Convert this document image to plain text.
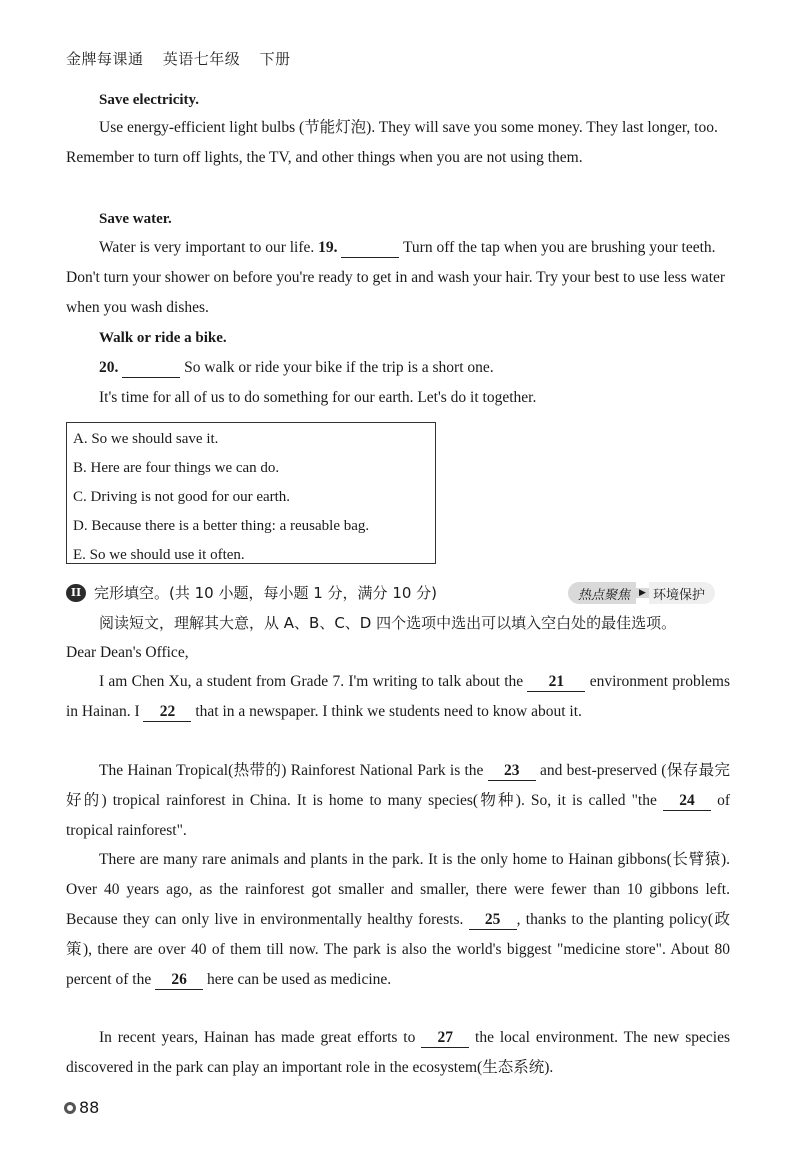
金牌每课通 英语七年级 下册
Save electricity.
Use energy-efficient light bulbs (节能灯泡). They will save you some money. They last longer, too. Remember to turn off lights, the TV, and other things when you are not using them.
Save water.
Water is very important to our life. 19.	Turn off the tap when you are brushing your teeth. Don't turn your shower on before you're ready to get in and wash your hair. Try your best to use less water when you wash dishes.
Walk or ride a bike.
20.	So walk or ride your bike if the trip is a short one.
It's time for all of us to do something for our earth. Let's do it together.
A. So we should save it.
B. Here are four things we can do.
C. Driving is not good for our earth.
D. Because there is a better thing: a reusable bag.
E. So we should use it often.
II 完形填空。(共 10 小题，每小题 1 分，满分 10 分)	热点聚焦	▶ 环境保护
阅读短文，理解其大意，从 A、B、C、D 四个选项中选出可以填入空白处的最佳选项。
Dear Dean's Office,
I am Chen Xu, a student from Grade 7. I'm writing to talk about the 21 environment problems in Hainan. I 22 that in a newspaper. I think we students need to know about it.
The Hainan Tropical(热带的) Rainforest National Park is the 23 and best-preserved (保存最完好的) tropical rainforest in China. It is home to many species(物种). So, it is called "the 24 of tropical rainforest".
There are many rare animals and plants in the park. It is the only home to Hainan gibbons(长臂猿). Over 40 years ago, as the rainforest got smaller and smaller, there were fewer than 10 gibbons left. Because they can only live in environmentally healthy forests. 25 , thanks to the planting policy(政策), there are over 40 of them till now. The park is also the world's biggest "medicine store". About 80 percent of the 26 here can be used as medicine.
In recent years, Hainan has made great efforts to 27 the local environment. The new species discovered in the park can play an important role in the ecosystem(生态系统).
88
